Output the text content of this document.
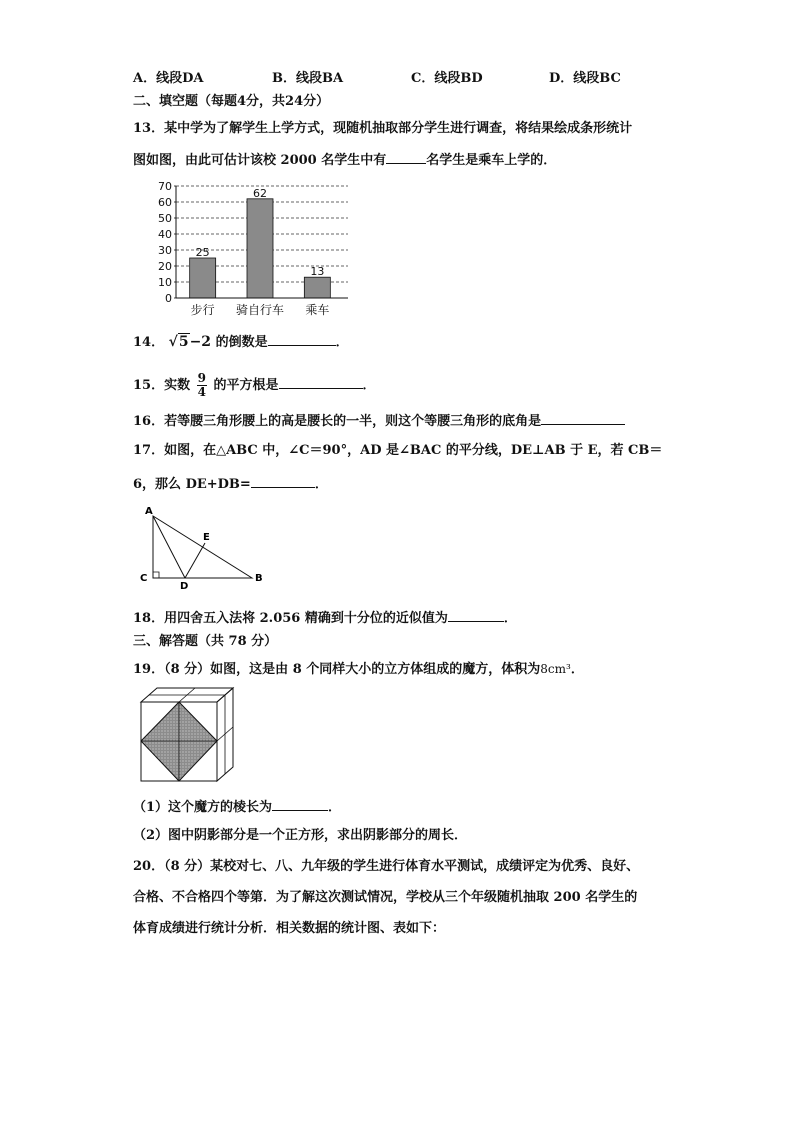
A．线段DA	B．线段BA	C．线段BD	D．线段BC
二、填空题（每题4分，共24分）
13．某中学为了解学生上学方式，现随机抽取部分学生进行调查，将结果绘成条形统计
图如图，由此可估计该校 2000 名学生中有	名学生是乘车上学的．
0
10
20
30
40
50
60
70
25
62
13
步行 骑自行车 乘车
14． √5−2 的倒数是	．
15．实数 $\frac{9}{4}$ 的平方根是	．
16．若等腰三角形腰上的高是腰长的一半，则这个等腰三角形的底角是
17．如图，在△ABC 中，∠C＝90°，AD 是∠BAC 的平分线，DE⊥AB 于 E，若 CB＝
6，那么 DE+DB=	．
A
B
C
D
E
18．用四舍五入法将 2.056 精确到十分位的近似值为	．
三、解答题（共 78 分）
19．（8 分）如图，这是由 8 个同样大小的立方体组成的魔方，体积为8cm³．
（1）这个魔方的棱长为	．
（2）图中阴影部分是一个正方形，求出阴影部分的周长．
20．（8 分）某校对七、八、九年级的学生进行体育水平测试，成绩评定为优秀、良好、
合格、不合格四个等第．为了解这次测试情况，学校从三个年级随机抽取 200 名学生的
体育成绩进行统计分析．相关数据的统计图、表如下：
